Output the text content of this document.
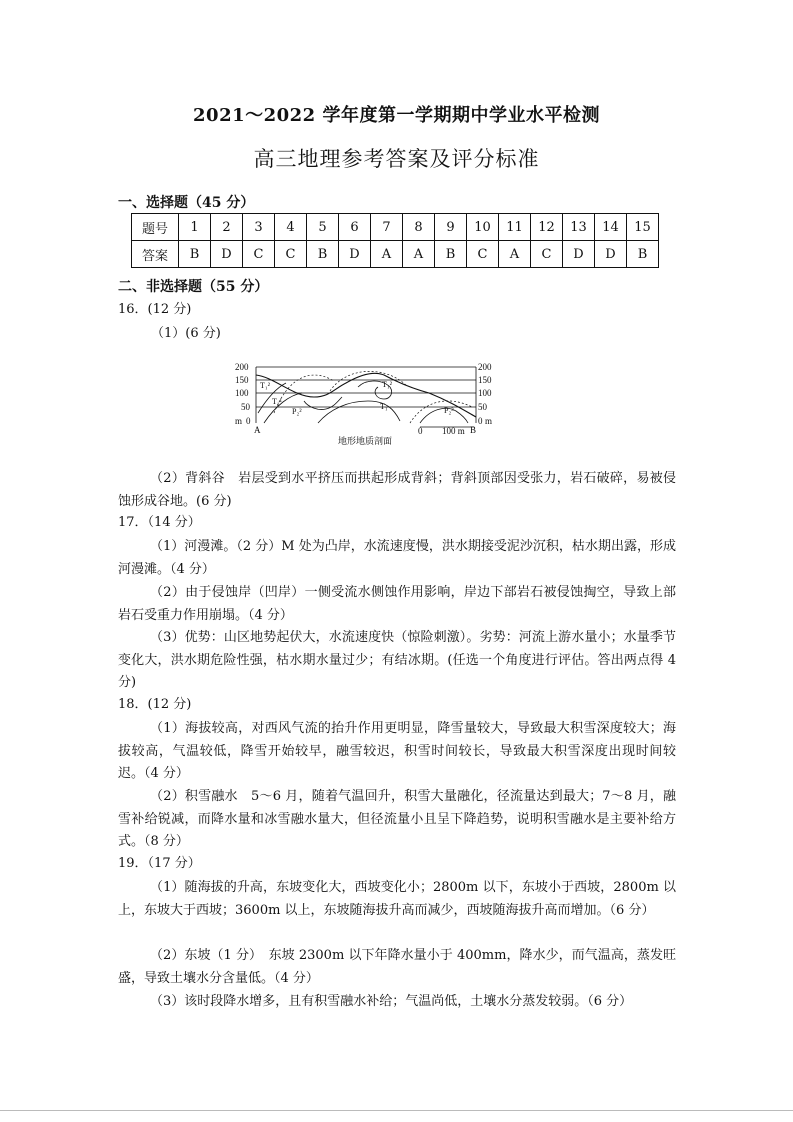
2021～2022 学年度第一学期期中学业水平检测
高三地理参考答案及评分标准
一、选择题（45 分）
题号	1	2	3	4	5	6	7	8	9	10	11	12	13	14	15
答案	B	D	C	C	B	D	A	A	B	C	A	C	D	D	B
二、非选择题（55 分）
16．(12 分)
（1）(6 分)
200
150
100
50
m 0
200
150
100
50
0 m
A	B
0 100 m
地形地质剖面
T₁²
T₁¹
P₂²
T₁²
T₁	P₂³
（2）背斜谷　岩层受到水平挤压而拱起形成背斜；背斜顶部因受张力，岩石破碎，易被侵蚀形成谷地。(6 分)
17．（14 分）
（1）河漫滩。（2 分）M 处为凸岸，水流速度慢，洪水期接受泥沙沉积，枯水期出露，形成河漫滩。（4 分）
（2）由于侵蚀岸（凹岸）一侧受流水侧蚀作用影响，岸边下部岩石被侵蚀掏空，导致上部岩石受重力作用崩塌。（4 分）
（3）优势：山区地势起伏大，水流速度快（惊险刺激）。劣势：河流上游水量小；水量季节变化大，洪水期危险性强，枯水期水量过少；有结冰期。(任选一个角度进行评估。答出两点得 4 分)
18．(12 分)
（1）海拔较高，对西风气流的抬升作用更明显，降雪量较大，导致最大积雪深度较大；海拔较高，气温较低，降雪开始较早，融雪较迟，积雪时间较长，导致最大积雪深度出现时间较迟。（4 分）
（2）积雪融水　5～6 月，随着气温回升，积雪大量融化，径流量达到最大；7～8 月，融雪补给锐减，而降水量和冰雪融水量大，但径流量小且呈下降趋势，说明积雪融水是主要补给方式。（8 分）
19．（17 分）
（1）随海拔的升高，东坡变化大，西坡变化小；2800m 以下，东坡小于西坡，2800m 以上，东坡大于西坡；3600m 以上，东坡随海拔升高而减少，西坡随海拔升高而增加。（6 分）
（2）东坡（1 分）　东坡 2300m 以下年降水量小于 400mm，降水少，而气温高，蒸发旺盛，导致土壤水分含量低。（4 分）
（3）该时段降水增多，且有积雪融水补给；气温尚低，土壤水分蒸发较弱。（6 分）
